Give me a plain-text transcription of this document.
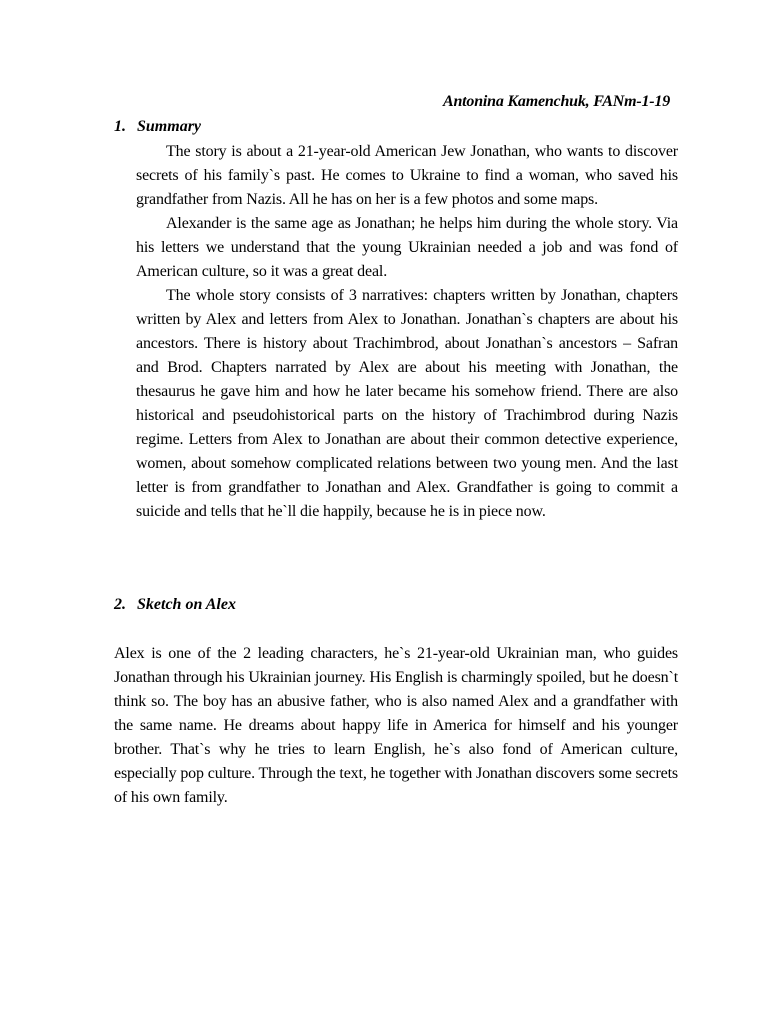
Antonina Kamenchuk, FANm-1-19
1. Summary

The story is about a 21-year-old American Jew Jonathan, who wants to discover secrets of his family`s past. He comes to Ukraine to find a woman, who saved his grandfather from Nazis. All he has on her is a few photos and some maps.

Alexander is the same age as Jonathan; he helps him during the whole story. Via his letters we understand that the young Ukrainian needed a job and was fond of American culture, so it was a great deal.

The whole story consists of 3 narratives: chapters written by Jonathan, chapters written by Alex and letters from Alex to Jonathan. Jonathan`s chapters are about his ancestors. There is history about Trachimbrod, about Jonathan`s ancestors – Safran and Brod. Chapters narrated by Alex are about his meeting with Jonathan, the thesaurus he gave him and how he later became his somehow friend. There are also historical and pseudohistorical parts on the history of Trachimbrod during Nazis regime. Letters from Alex to Jonathan are about their common detective experience, women, about somehow complicated relations between two young men. And the last letter is from grandfather to Jonathan and Alex. Grandfather is going to commit a suicide and tells that he`ll die happily, because he is in piece now.

2. Sketch on Alex

Alex is one of the 2 leading characters, he`s 21-year-old Ukrainian man, who guides Jonathan through his Ukrainian journey. His English is charmingly spoiled, but he doesn`t think so. The boy has an abusive father, who is also named Alex and a grandfather with the same name. He dreams about happy life in America for himself and his younger brother. That`s why he tries to learn English, he`s also fond of American culture, especially pop culture. Through the text, he together with Jonathan discovers some secrets of his own family.
